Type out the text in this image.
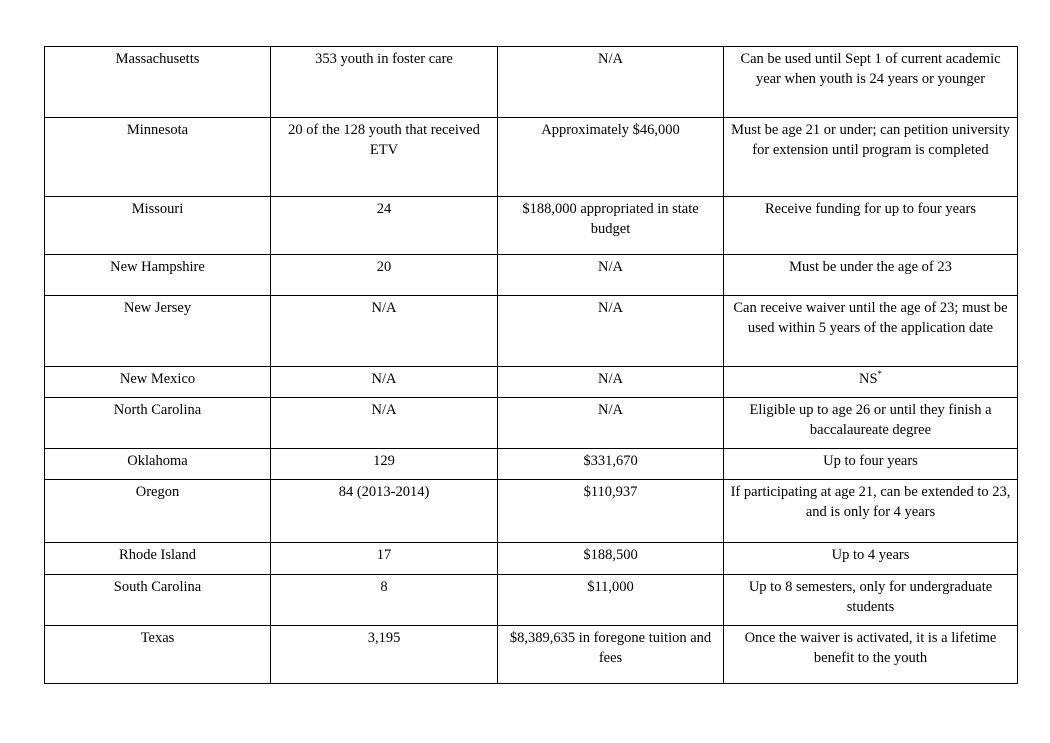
Massachusetts	353 youth in foster care	N/A	Can be used until Sept 1 of current academic year when youth is 24 years or younger
Minnesota	20 of the 128 youth that received ETV	Approximately $46,000	Must be age 21 or under; can petition university for extension until program is completed
Missouri	24	$188,000 appropriated in state budget	Receive funding for up to four years
New Hampshire	20	N/A	Must be under the age of 23
New Jersey	N/A	N/A	Can receive waiver until the age of 23; must be used within 5 years of the application date
New Mexico	N/A	N/A	NS*
North Carolina	N/A	N/A	Eligible up to age 26 or until they finish a baccalaureate degree
Oklahoma	129	$331,670	Up to four years
Oregon	84 (2013-2014)	$110,937	If participating at age 21, can be extended to 23, and is only for 4 years
Rhode Island	17	$188,500	Up to 4 years
South Carolina	8	$11,000	Up to 8 semesters, only for undergraduate students
Texas	3,195	$8,389,635 in foregone tuition and fees	Once the waiver is activated, it is a lifetime benefit to the youth
